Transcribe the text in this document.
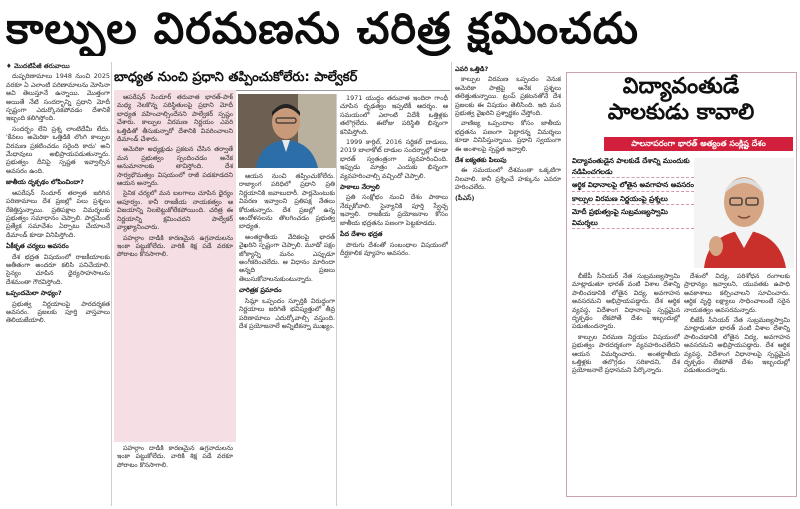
కాల్పుల విరమణను చరిత్ర క్షమించదు

♦ మొదటిపేజీ తరువాయి

దుష్పరిణామాలు 1948 నుంచి 2025 వరకూ ఏ ఎలాంటి పరిణామాలను మోసినా అవి తెలుస్తూనే ఉన్నాయి. మొత్తంగా అయితే నేటి సందర్భాన్ని ప్రధాని మోదీ స్పష్టంగా ఎదుర్కొనకపోవడం దేశానికే ఇబ్బంది కలిగిస్తోంది.

సందర్భం లేని ప్రశ్న లాంటిదేమీ లేదు. 'కేవలం అమెరికా ఒత్తిడికి లొంగి కాల్పుల విరమణ ప్రకటించడం సరైంది కాదు' అని మేధావులు అభిప్రాయపడుతున్నారు. ప్రభుత్వం దీనిపై స్పష్టత ఇవ్వాల్సిన అవసరం ఉంది.

జాతీయ దృక్పథం లోపించిందా?

ఆపరేషన్ సిందూర్ తర్వాత జరిగిన పరిణామాలు దేశ ప్రజల్లో పలు ప్రశ్నలు రేకెత్తిస్తున్నాయి. ప్రతిపక్షాల విమర్శలకు ప్రభుత్వం సమాధానం చెప్పాలి. పార్లమెంట్ ప్రత్యేక సమావేశం ఏర్పాటు చేయాలనే డిమాండ్ కూడా వినిపిస్తోంది.

ఏకీకృత చర్యలు అవసరం

దేశ భద్రత విషయంలో రాజకీయాలకు అతీతంగా అందరూ కలిసి పనిచేయాలి. సైన్యం చూపిన ధైర్యసాహసాలను దేశమంతా గౌరవిస్తోంది.

ఒప్పందమెలా సాధ్యం?

ప్రభుత్వ నిర్ణయాలపై పారదర్శకత అవసరం. ప్రజలకు పూర్తి వాస్తవాలు తెలియజేయాలి.

బాధ్యత నుంచి ప్రధాని తప్పించుకోలేరు: పాల్వేకర్

ఆపరేషన్ సిందూర్ తరువాత భారత్-పాక్ మధ్య నెలకొన్న పరిస్థితులపై ప్రధాని మోదీ బాధ్యత వహించాల్సిందేనని పాల్వేకర్ స్పష్టం చేశారు. కాల్పుల విరమణ నిర్ణయం ఎవరి ఒత్తిడితో తీసుకున్నారో దేశానికి వివరించాలని డిమాండ్ చేశారు.

అమెరికా అధ్యక్షుడు ప్రకటన చేసిన తర్వాతే మన ప్రభుత్వం స్పందించడం అనేక అనుమానాలకు తావిస్తోంది. దేశ సార్వభౌమత్వం విషయంలో రాజీ పడకూడదని ఆయన అన్నారు.

సైనిక చర్యలో మన బలగాలు చూపిన ధైర్యం అపూర్వం. కానీ రాజకీయ నాయకత్వం ఆ విజయాన్ని నిలబెట్టుకోలేకపోయింది. చరిత్ర ఈ నిర్ణయాన్ని క్షమించదని పాల్వేకర్ వ్యాఖ్యానించారు.

పహల్గాం దాడికి కారణమైన ఉగ్రవాదులను ఇంకా పట్టుకోలేదు. వారికి శిక్ష పడే వరకూ పోరాటం కొనసాగాలి.

పహల్గాం దాడికి కారణమైన ఉగ్రవాదులను ఇంకా పట్టుకోలేదు. వారికి శిక్ష పడే వరకూ పోరాటం కొనసాగాలి.

ఆయన నుంచి తప్పించుకోలేరు. రాజ్యాంగ పరిధిలో ప్రధాని ప్రతి నిర్ణయానికి జవాబుదారీ. పార్లమెంటుకు వివరణ ఇవ్వాలని ప్రతిపక్ష నేతలు కోరుతున్నారు. దేశ ప్రజల్లో ఉన్న ఆందోళనలను తొలగించడం ప్రభుత్వ బాధ్యత.

అంతర్జాతీయ వేదికలపై భారత్ వైఖరిని స్పష్టంగా చెప్పాలి. మూడో పక్షం జోక్యాన్ని మనం ఎప్పుడూ అంగీకరించలేదు. ఆ విధానం మారిందా అన్నది ప్రజలు తెలుసుకోవాలనుకుంటున్నారు.

చారిత్రక ప్రమాదం

సిమ్లా ఒప్పందం స్ఫూర్తికి విరుద్ధంగా నిర్ణయాలు జరిగితే భవిష్యత్తులో తీవ్ర పరిణామాలు ఎదుర్కోవాల్సి వస్తుంది. దేశ ప్రయోజనాలే అన్నిటికన్నా ముఖ్యం.

1971 యుద్ధం తరువాత ఇందిరా గాంధీ చూపిన దృఢత్వం ఇప్పటికీ ఆదర్శం. ఆ సమయంలో ఎలాంటి విదేశీ ఒత్తిళ్లకు తలొగ్గలేదు. ఈరోజు పరిస్థితి భిన్నంగా కనిపిస్తోంది.

1999 కార్గిల్, 2016 సర్జికల్ దాడులు, 2019 బాలాకోట్ దాడుల సందర్భాల్లో కూడా భారత్ స్వతంత్రంగా వ్యవహరించింది. ఇప్పుడు మాత్రం ఎందుకు భిన్నంగా వ్యవహరించాల్సి వచ్చిందో చెప్పాలి.

పాఠాలు నేర్వాలి

ప్రతి సంక్షోభం నుంచి దేశం పాఠాలు నేర్చుకోవాలి. సైన్యానికి పూర్తి స్వేచ్ఛ ఇవ్వాలి. రాజకీయ ప్రయోజనాల కోసం జాతీయ భద్రతను పణంగా పెట్టకూడదు.

పేద దేశాల భద్రత

పొరుగు దేశంతో సంబంధాల విషయంలో దీర్ఘకాలిక వ్యూహం అవసరం.

ఎవరి ఒత్తిడి?

కాల్పుల విరమణ ఒప్పందం వెనుక అమెరికా పాత్రపై అనేక ప్రశ్నలు తలెత్తుతున్నాయి. ట్రంప్ ప్రకటనతోనే దేశ ప్రజలకు ఈ విషయం తెలిసింది. ఇది మన ప్రభుత్వ వైఖరిని ప్రశ్నార్థకం చేస్తోంది.

వాణిజ్య ఒప్పందాల కోసం జాతీయ భద్రతను పణంగా పెట్టారన్న విమర్శలు కూడా వినిపిస్తున్నాయి. ప్రధాని స్వయంగా ఈ అంశాలపై స్పష్టత ఇవ్వాలి.

దేశ ఐక్యతకు పిలుపు

ఈ సమయంలో దేశమంతా ఒక్కటిగా నిలవాలి. కానీ ప్రశ్నించే హక్కును ఎవరూ హరించలేరు.

(పీఎస్)

విద్యావంతుడే
పాలకుడు కావాలి
పాలనాపరంగా భారత్ అత్యంత సంక్లిష్ట దేశం
విద్యావంతుడైన పాలకుడే దేశాన్ని ముందుకు నడిపించగలడు
ఆర్థిక విధానాలపై లోతైన అవగాహన అవసరం
కాల్పుల విరమణ నిర్ణయంపై ప్రశ్నలు
మోదీ ప్రభుత్వంపై సుబ్రమణ్యస్వామి విమర్శలు

బీజేపీ సీనియర్ నేత సుబ్రమణ్యస్వామి మాట్లాడుతూ భారత్ వంటి విశాల దేశాన్ని పాలించడానికి లోతైన విద్య, అవగాహన అవసరమని అభిప్రాయపడ్డారు. దేశ ఆర్థిక వ్యవస్థ, విదేశాంగ విధానాలపై స్పష్టమైన దృక్పథం లేకపోతే దేశం ఇబ్బందుల్లో పడుతుందన్నారు.

కాల్పుల విరమణ నిర్ణయం విషయంలో ప్రభుత్వం పారదర్శకంగా వ్యవహరించలేదని ఆయన విమర్శించారు. అంతర్జాతీయ ఒత్తిళ్లకు తలొగ్గడం సరికాదని, దేశ ప్రయోజనాలే ప్రధానమని పేర్కొన్నారు.

దేశంలో విద్య, పరిశోధన రంగాలకు ప్రాధాన్యం ఇవ్వాలని, యువతకు ఉపాధి అవకాశాలు కల్పించాలని సూచించారు. ఆర్థిక వృద్ధి లక్ష్యాలు సాధించాలంటే సరైన నాయకత్వం అవసరమన్నారు.

బీజేపీ సీనియర్ నేత సుబ్రమణ్యస్వామి మాట్లాడుతూ భారత్ వంటి విశాల దేశాన్ని పాలించడానికి లోతైన విద్య, అవగాహన అవసరమని అభిప్రాయపడ్డారు. దేశ ఆర్థిక వ్యవస్థ, విదేశాంగ విధానాలపై స్పష్టమైన దృక్పథం లేకపోతే దేశం ఇబ్బందుల్లో పడుతుందన్నారు.
